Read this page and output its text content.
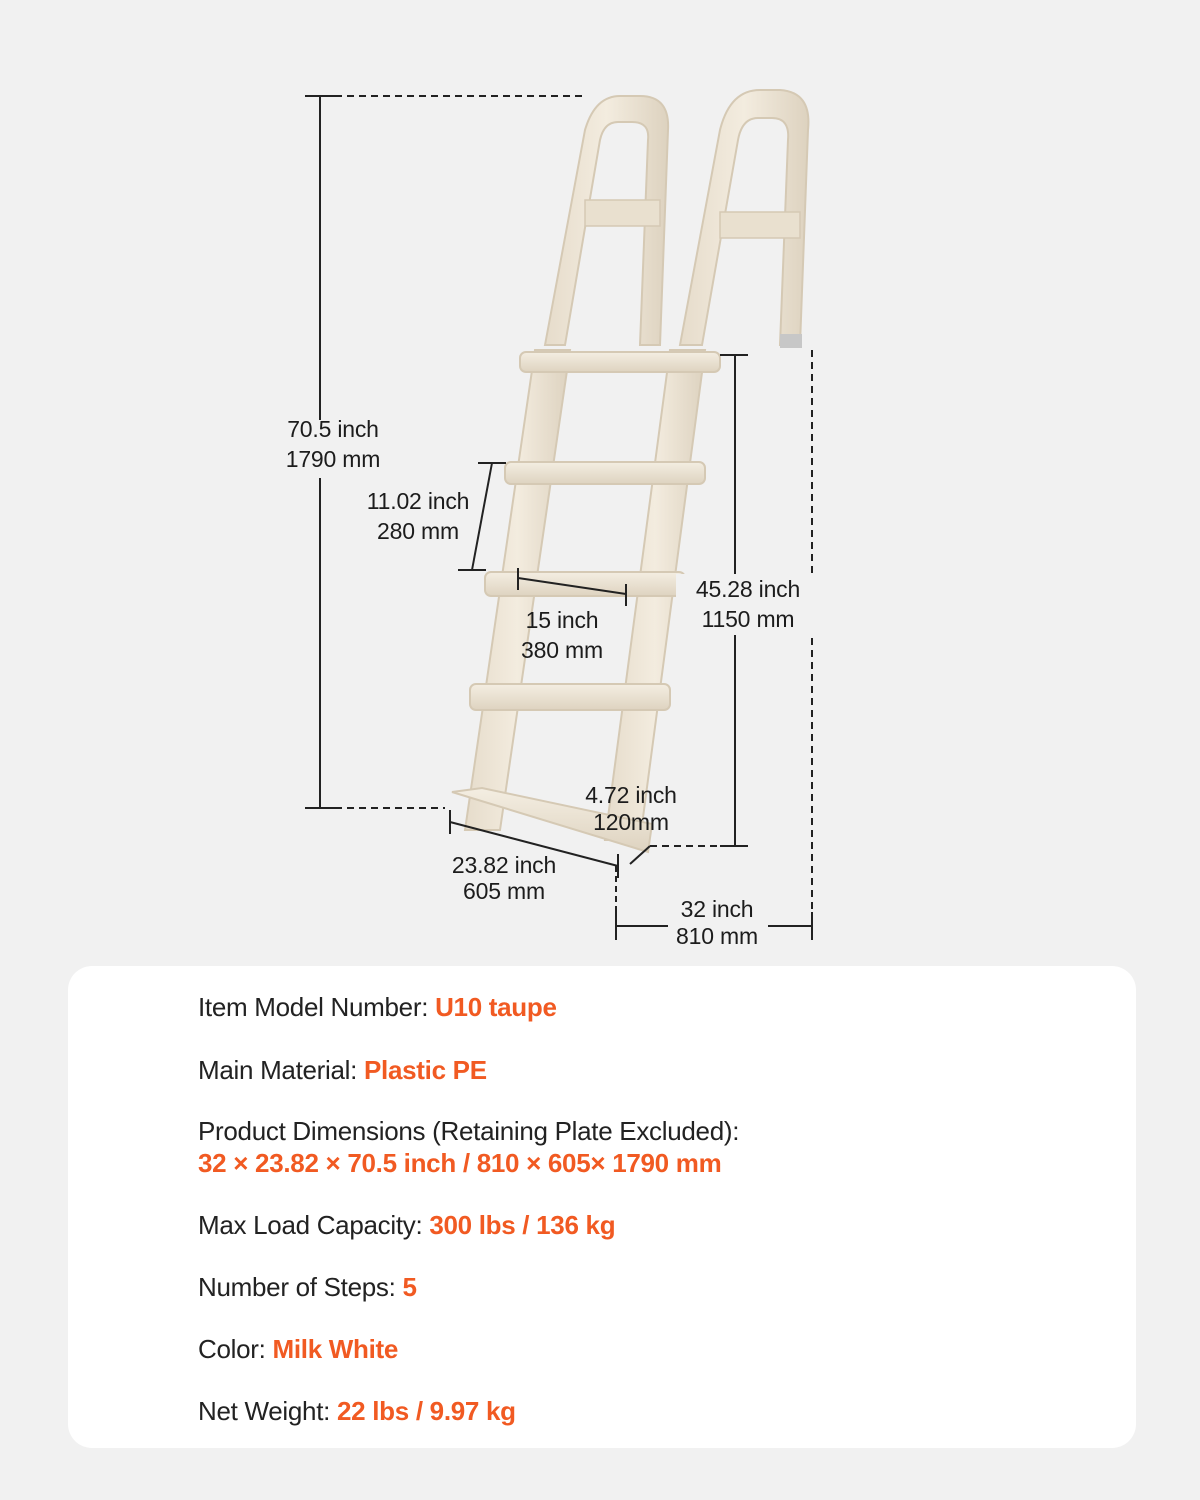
70.5 inch
1790 mm
11.02 inch
280 mm
15 inch
380 mm
45.28 inch
1150 mm
4.72 inch
120mm
23.82 inch
605 mm
32 inch
810 mm
Item Model Number: U10 taupe
Main Material: Plastic PE
Product Dimensions (Retaining Plate Excluded):
32 × 23.82 × 70.5 inch / 810 × 605× 1790 mm
Max Load Capacity: 300 lbs / 136 kg
Number of Steps: 5
Color: Milk White
Net Weight: 22 lbs / 9.97 kg
